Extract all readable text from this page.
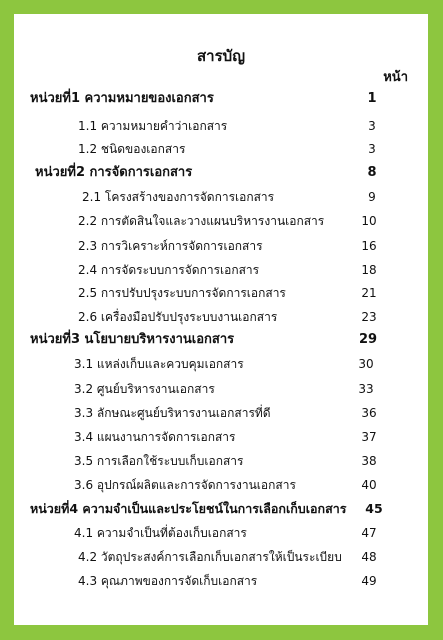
สารบัญ
หน้า
หน่วยที่1 ความหมายของเอกสาร	1
1.1 ความหมายคำว่าเอกสาร	3
1.2 ชนิดของเอกสาร	3
หน่วยที่2 การจัดการเอกสาร	8
2.1 โครงสร้างของการจัดการเอกสาร	9
2.2 การตัดสินใจและวางแผนบริหารงานเอกสาร	10
2.3 การวิเคราะห์การจัดการเอกสาร	16
2.4 การจัดระบบการจัดการเอกสาร	18
2.5 การปรับปรุงระบบการจัดการเอกสาร	21
2.6 เครื่องมือปรับปรุงระบบงานเอกสาร	23
หน่วยที่3 นโยบายบริหารงานเอกสาร	29
3.1 แหล่งเก็บและควบคุมเอกสาร	30
3.2 ศูนย์บริหารงานเอกสาร	33
3.3 ลักษณะศูนย์บริหารงานเอกสารที่ดี	36
3.4 แผนงานการจัดการเอกสาร	37
3.5 การเลือกใช้ระบบเก็บเอกสาร	38
3.6 อุปกรณ์ผลิตและการจัดการงานเอกสาร	40
หน่วยที่4 ความจำเป็นและประโยชน์ในการเลือกเก็บเอกสาร 45
4.1 ความจำเป็นที่ต้องเก็บเอกสาร	47
4.2 วัตถุประสงค์การเลือกเก็บเอกสารให้เป็นระเบียบ	48
4.3 คุณภาพของการจัดเก็บเอกสาร	49
